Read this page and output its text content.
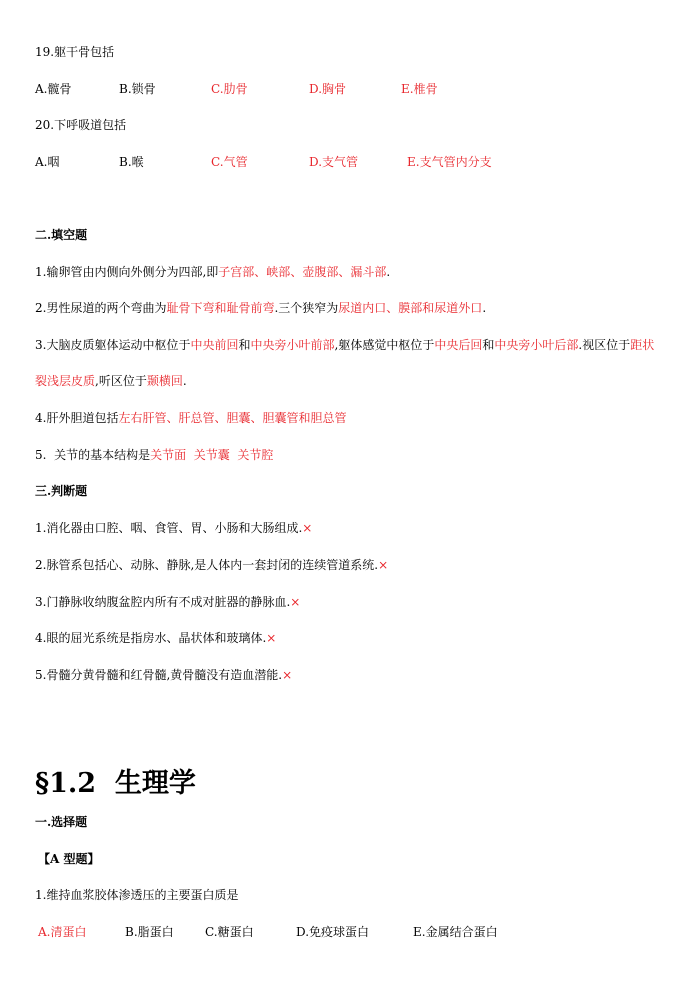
19.躯干骨包括
A.髋骨	B.锁骨	C.肋骨	D.胸骨	E.椎骨
20.下呼吸道包括
A.咽	B.喉	C.气管	D.支气管	E.支气管内分支
二.填空题
1.输卵管由内侧向外侧分为四部,即子宫部、峡部、壶腹部、漏斗部.
2.男性尿道的两个弯曲为耻骨下弯和耻骨前弯.三个狭窄为尿道内口、膜部和尿道外口.
3.大脑皮质躯体运动中枢位于中央前回和中央旁小叶前部,躯体感觉中枢位于中央后回和中央旁小叶后部.视区位于距状
裂浅层皮质,听区位于颞横回.
4.肝外胆道包括左右肝管、肝总管、胆囊、胆囊管和胆总管
5.  关节的基本结构是关节面  关节囊  关节腔
三.判断题
1.消化器由口腔、咽、食管、胃、小肠和大肠组成.×
2.脉管系包括心、动脉、静脉,是人体内一套封闭的连续管道系统.×
3.门静脉收纳腹盆腔内所有不成对脏器的静脉血.×
4.眼的屈光系统是指房水、晶状体和玻璃体.×
5.骨髓分黄骨髓和红骨髓,黄骨髓没有造血潜能.×
§1.2  生理学
一.选择题
【A 型题】
1.维持血浆胶体渗透压的主要蛋白质是
A.清蛋白	B.脂蛋白	C.糖蛋白	D.免疫球蛋白	E.金属结合蛋白
